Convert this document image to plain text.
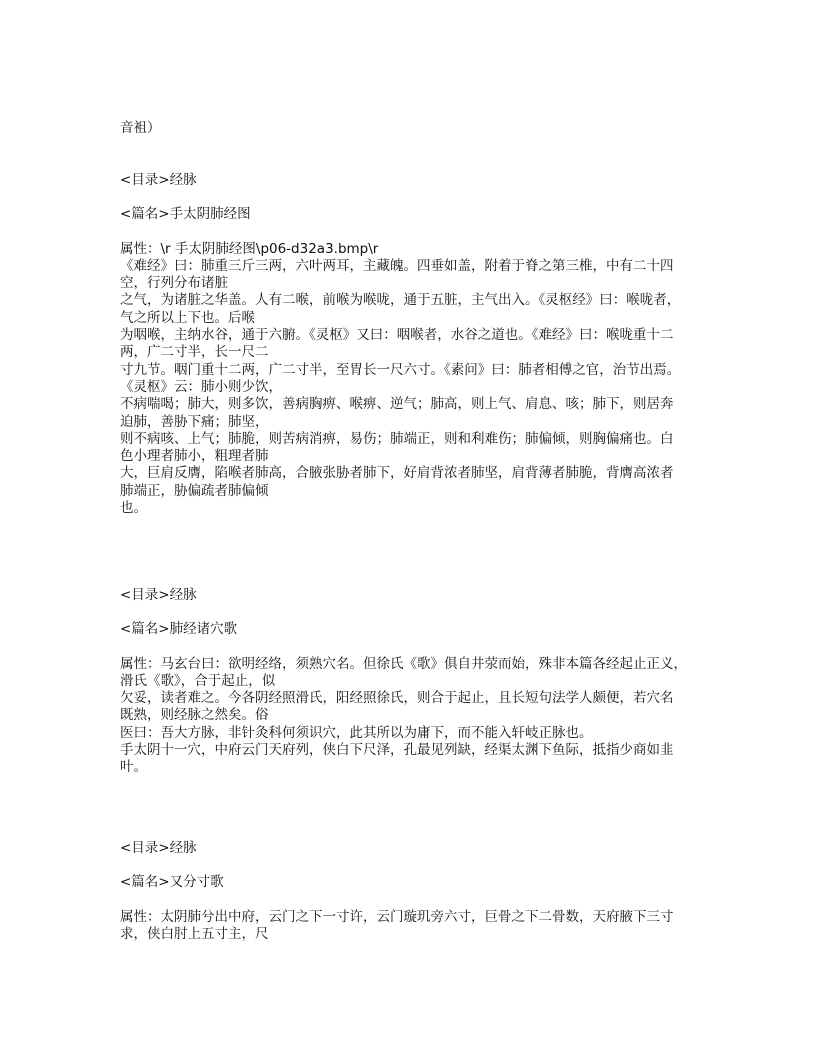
音袓）
<目录>经脉
<篇名>手太阴肺经图
属性：\r 手太阴肺经图\p06-d32a3.bmp\r
《难经》曰：肺重三斤三两，六叶两耳，主藏魄。四垂如盖，附着于脊之第三椎，中有二十四
空，行列分布诸脏
之气，为诸脏之华盖。人有二喉，前喉为喉咙，通于五脏，主气出入。《灵枢经》曰：喉咙者，
气之所以上下也。后喉
为咽喉，主纳水谷，通于六腑。《灵枢》又曰：咽喉者，水谷之道也。《难经》曰：喉咙重十二
两，广二寸半，长一尺二
寸九节。咽门重十二两，广二寸半，至胃长一尺六寸。《素问》曰：肺者相傅之官，治节出焉。
《灵枢》云：肺小则少饮，
不病喘喝；肺大，则多饮，善病胸痹、喉痹、逆气；肺高，则上气、肩息、咳；肺下，则居奔
迫肺，善胁下痛；肺坚，
则不病咳、上气；肺脆，则苦病消痹，易伤；肺端正，则和利难伤；肺偏倾，则胸偏痛也。白
色小理者肺小，粗理者肺
大，巨肩反膺，陷喉者肺高，合腋张胁者肺下，好肩背浓者肺坚，肩背薄者肺脆，背膺高浓者
肺端正，胁偏疏者肺偏倾
也。
<目录>经脉
<篇名>肺经诸穴歌
属性：马玄台曰：欲明经络，须熟穴名。但徐氏《歌》俱自井荥而始，殊非本篇各经起止正义，
滑氏《歌》，合于起止，似
欠妥，读者难之。今各阴经照滑氏，阳经照徐氏，则合于起止，且长短句法学人颇便，若穴名
既熟，则经脉之然矣。俗
医曰：吾大方脉，非针灸科何须识穴，此其所以为庸下，而不能入轩岐正脉也。
手太阴十一穴，中府云门天府列，侠白下尺泽，孔最见列缺，经渠太渊下鱼际，抵指少商如韭
叶。
<目录>经脉
<篇名>又分寸歌
属性：太阴肺兮出中府，云门之下一寸许，云门璇玑旁六寸，巨骨之下二骨数，天府腋下三寸
求，侠白肘上五寸主，尺
